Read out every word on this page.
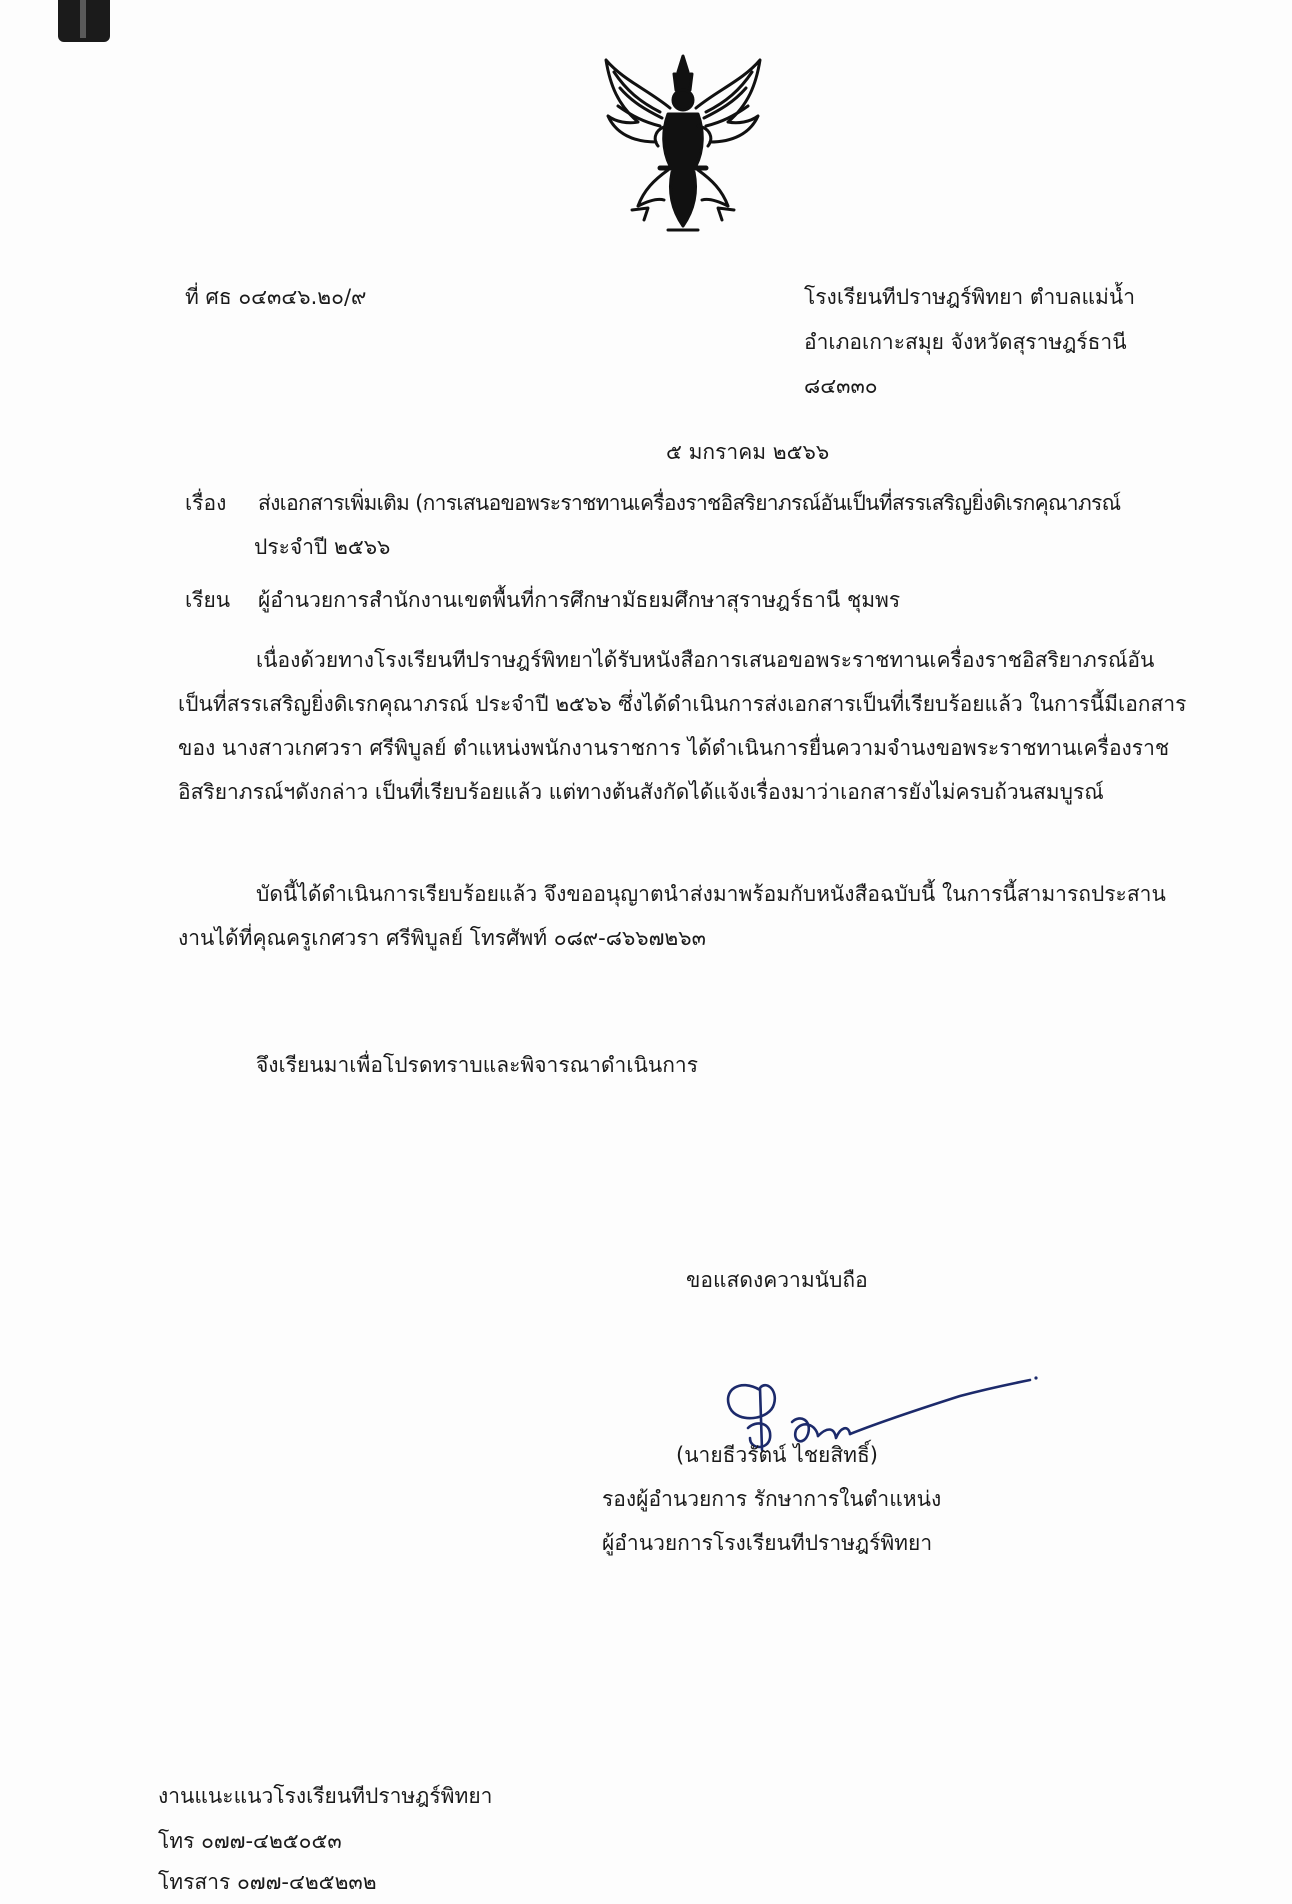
ที่ ศธ ๐๔๓๔๖.๒๐/๙	โรงเรียนทีปราษฎร์พิทยา ตำบลแม่น้ำ

อำเภอเกาะสมุย จังหวัดสุราษฎร์ธานี

๘๔๓๓๐

๕ มกราคม ๒๕๖๖

เรื่อง ส่งเอกสารเพิ่มเติม (การเสนอขอพระราชทานเครื่องราชอิสริยาภรณ์อันเป็นที่สรรเสริญยิ่งดิเรกคุณาภรณ์

ประจำปี ๒๕๖๖

เรียน ผู้อำนวยการสำนักงานเขตพื้นที่การศึกษามัธยมศึกษาสุราษฎร์ธานี ชุมพร

เนื่องด้วยทางโรงเรียนทีปราษฎร์พิทยาได้รับหนังสือการเสนอขอพระราชทานเครื่องราชอิสริยาภรณ์อันเป็นที่สรรเสริญยิ่งดิเรกคุณาภรณ์ ประจำปี ๒๕๖๖ ซึ่งได้ดำเนินการส่งเอกสารเป็นที่เรียบร้อยแล้ว ในการนี้มีเอกสารของ นางสาวเกศวรา ศรีพิบูลย์ ตำแหน่งพนักงานราชการ ได้ดำเนินการยื่นความจำนงขอพระราชทานเครื่องราชอิสริยาภรณ์ฯดังกล่าว เป็นที่เรียบร้อยแล้ว แต่ทางต้นสังกัดได้แจ้งเรื่องมาว่าเอกสารยังไม่ครบถ้วนสมบูรณ์

บัดนี้ได้ดำเนินการเรียบร้อยแล้ว จึงขออนุญาตนำส่งมาพร้อมกับหนังสือฉบับนี้ ในการนี้สามารถประสานงานได้ที่คุณครูเกศวรา ศรีพิบูลย์ โทรศัพท์ ๐๘๙-๘๖๖๗๒๖๓

จึงเรียนมาเพื่อโปรดทราบและพิจารณาดำเนินการ

ขอแสดงความนับถือ

(นายธีวรัตน์ ไชยสิทธิ์)

รองผู้อำนวยการ รักษาการในตำแหน่ง

ผู้อำนวยการโรงเรียนทีปราษฎร์พิทยา

งานแนะแนวโรงเรียนทีปราษฎร์พิทยา

โทร ๐๗๗-๔๒๕๐๕๓

โทรสาร ๐๗๗-๔๒๕๒๓๒
